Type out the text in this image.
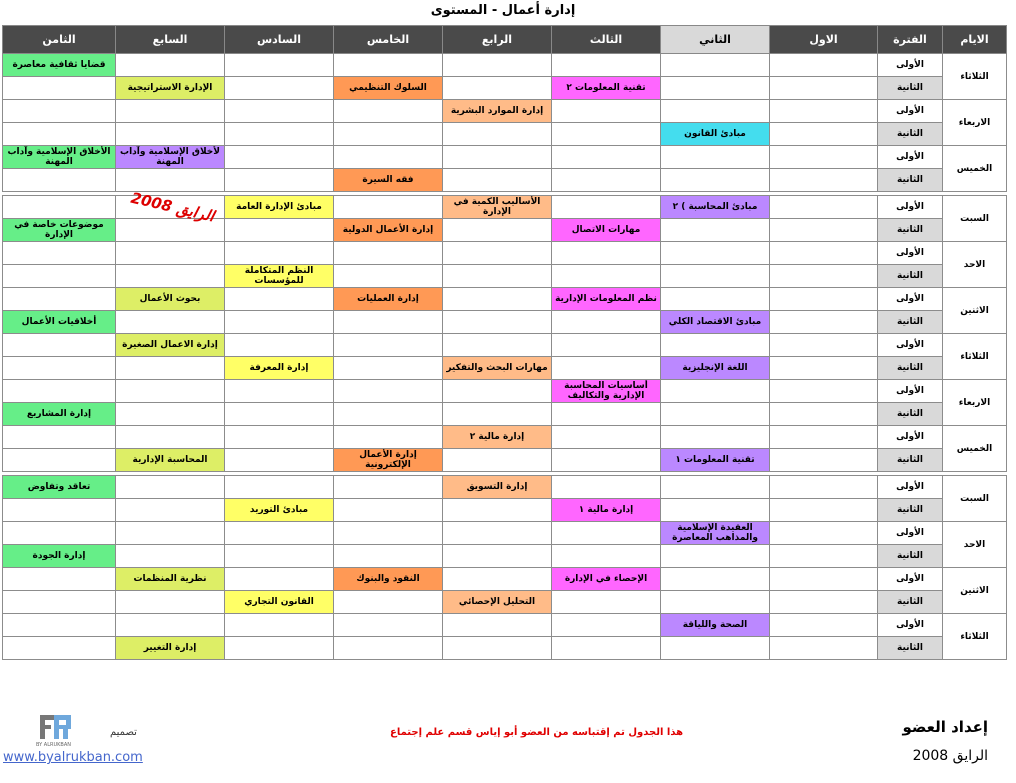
إدارة أعمال - المستوى
الايام	الفترة	الاول	الثاني	الثالث	الرابع	الخامس	السادس	السابع	الثامن
الثلاثاء	الأولى								قضايا ثقافية معاصرة
	الثانية			تقنية المعلومات ٢		السلوك التنظيمي		الإدارة الاستراتيجية	
الاربعاء	الأولى				إدارة الموارد البشرية				
	الثانية		مبادئ القانون						
الخميس	الأولى							لأخلاق الإسلامية وآداب المهنة	الأخلاق الإسلامية وآداب المهنة
	الثانية					فقه السيرة			

السبت	الأولى		مبادئ المحاسبة ) ٢		الأساليب الكمية في الإدارة		مبادئ الإدارة العامة		
	الثانية			مهارات الاتصال		إدارة الأعمال الدولية			موضوعات خاصة في الإدارة
الاحد	الأولى								
	الثانية						النظم المتكاملة للمؤسسات		
الاثنين	الأولى			نظم المعلومات الإدارية		إدارة العمليات		بحوث الأعمال	
	الثانية		مبادئ الاقتصاد الكلي						أخلاقيات الأعمال
الثلاثاء	الأولى							إدارة الاعمال الصغيرة	
	الثانية		اللغة الإنجليزية		مهارات البحث والتفكير		إدارة المعرفة		
الاربعاء	الأولى			أساسيات المحاسبة الإدارية والتكاليف					
	الثانية								إدارة المشاريع
الخميس	الأولى				إدارة مالية ٢				
	الثانية		تقنية المعلومات ١			إدارة الأعمال الإلكترونية		المحاسبة الإدارية	

السبت	الأولى				إدارة التسويق				تعاقد وتفاوض
	الثانية			إدارة مالية ١			مبادئ التوريد		
الاحد	الأولى		العقيدة الإسلامية والمذاهب المعاصرة						
	الثانية								إدارة الجودة
الاثنين	الأولى			الإحصاء في الإدارة		النقود والبنوك		نظرية المنظمات	
	الثانية				التحليل الإحصائي		القانون التجاري		
الثلاثاء	الأولى		الصحة واللياقة						
	الثانية							إدارة التغيير	
الرايق 2008
إعداد العضو
الرايق 2008
هذا الجدول تم إقتباسه من العضو أبو إياس قسم علم إجتماع
تصميم
BY ALRUKBAN
www.byalrukban.com
